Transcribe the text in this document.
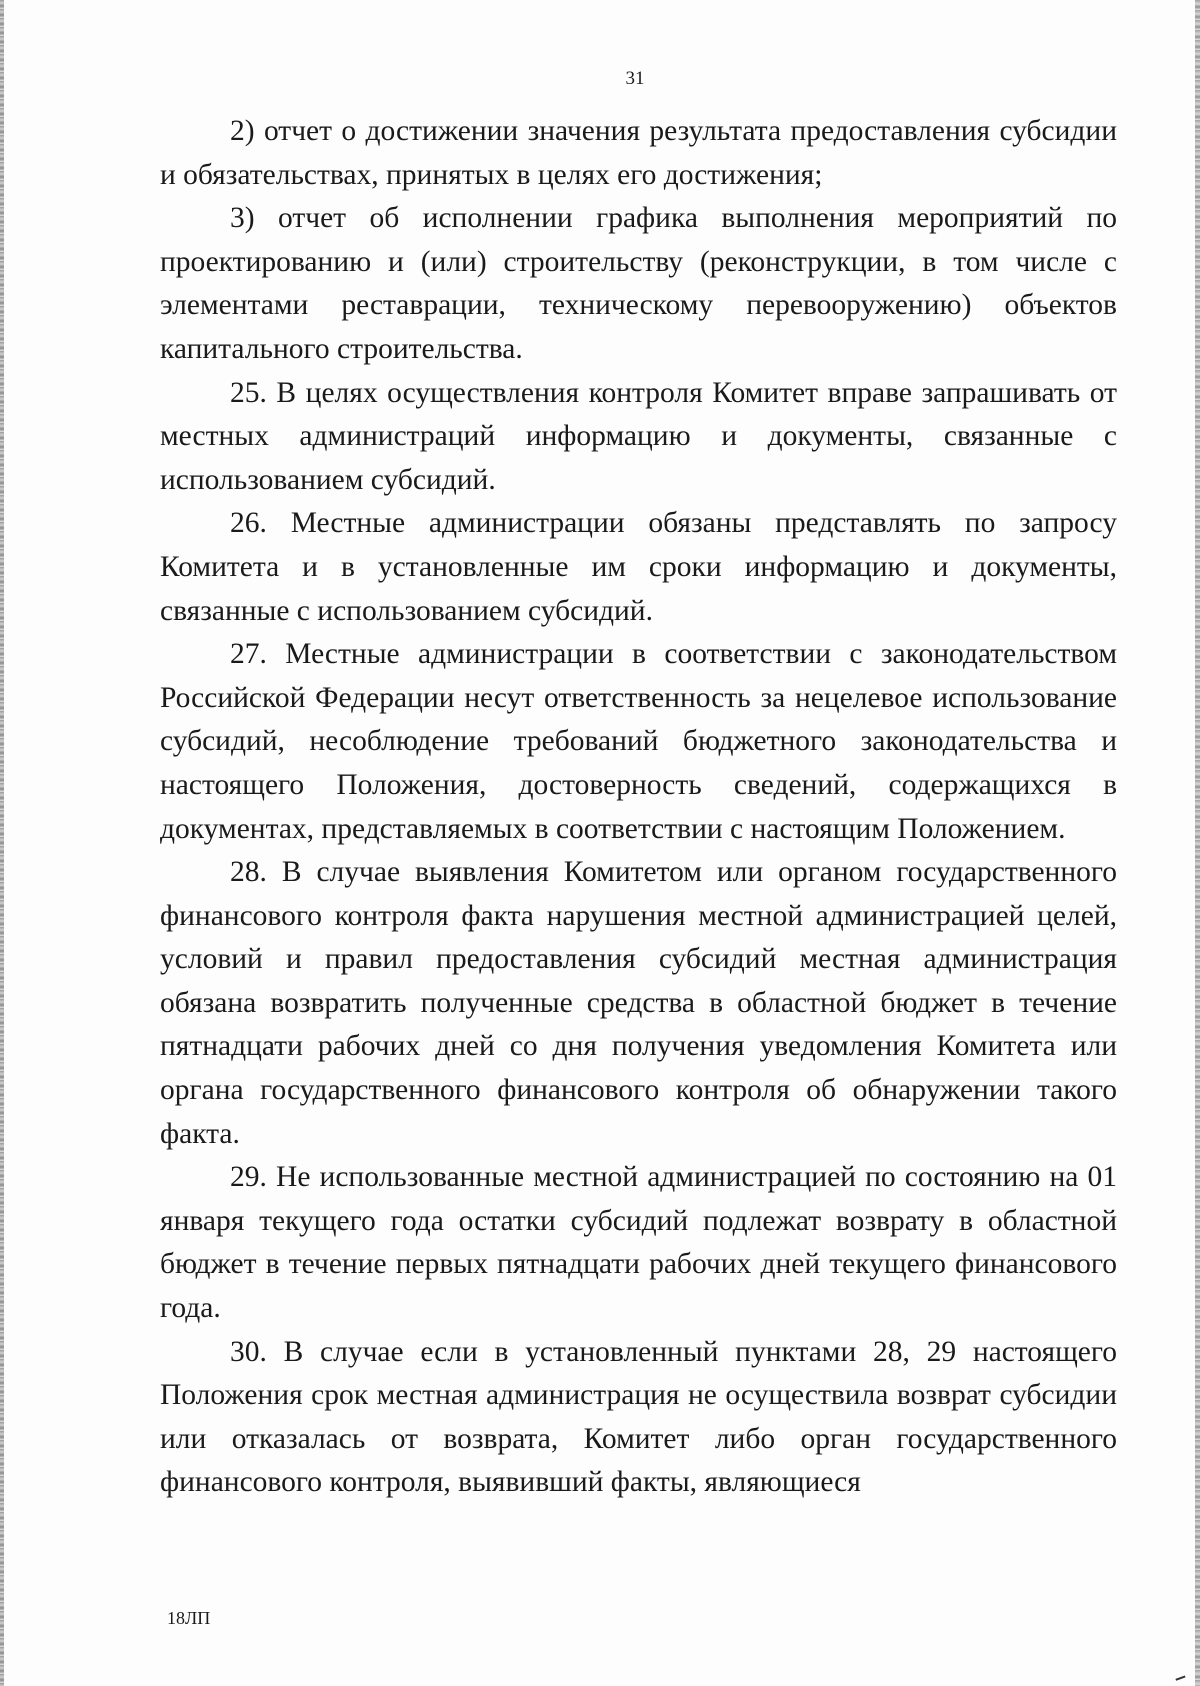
31

2) отчет о достижении значения результата предоставления субсидии и обязательствах, принятых в целях его достижения;

3) отчет об исполнении графика выполнения мероприятий по проектированию и (или) строительству (реконструкции, в том числе с элементами реставрации, техническому перевооружению) объектов капитального строительства.

25. В целях осуществления контроля Комитет вправе запрашивать от местных администраций информацию и документы, связанные с использованием субсидий.

26. Местные администрации обязаны представлять по запросу Комитета и в установленные им сроки информацию и документы, связанные с использованием субсидий.

27. Местные администрации в соответствии с законодательством Российской Федерации несут ответственность за нецелевое использование субсидий, несоблюдение требований бюджетного законодательства и настоящего Положения, достоверность сведений, содержащихся в документах, представляемых в соответствии с настоящим Положением.

28. В случае выявления Комитетом или органом государственного финансового контроля факта нарушения местной администрацией целей, условий и правил предоставления субсидий местная администрация обязана возвратить полученные средства в областной бюджет в течение пятнадцати рабочих дней со дня получения уведомления Комитета или органа государственного финансового контроля об обнаружении такого факта.

29. Не использованные местной администрацией по состоянию на 01 января текущего года остатки субсидий подлежат возврату в областной бюджет в течение первых пятнадцати рабочих дней текущего финансового года.

30. В случае если в установленный пунктами 28, 29 настоящего Положения срок местная администрация не осуществила возврат субсидии или отказалась от возврата, Комитет либо орган государственного финансового контроля, выявивший факты, являющиеся

18ЛП
